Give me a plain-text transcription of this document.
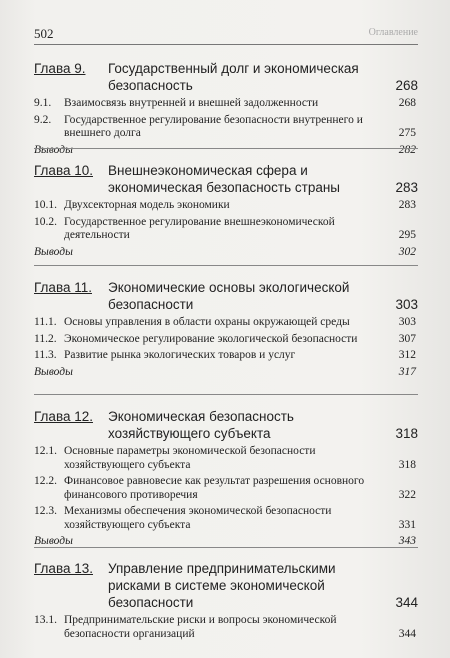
502	Оглавление
Глава 9. Государственный долг и экономическая безопасность	268
9.1. Взаимосвязь внутренней и внешней задолженности	268
9.2. Государственное регулирование безопасности внутреннего и внешнего долга	275
Выводы	282
Глава 10. Внешнеэкономическая сфера и экономическая безопасность страны	283
10.1. Двухсекторная модель экономики	283
10.2. Государственное регулирование внешнеэкономической деятельности	295
Выводы	302
Глава 11. Экономические основы экологической безопасности	303
11.1. Основы управления в области охраны окружающей среды	303
11.2. Экономическое регулирование экологической безопасности	307
11.3. Развитие рынка экологических товаров и услуг	312
Выводы	317
Глава 12. Экономическая безопасность хозяйствующего субъекта	318
12.1. Основные параметры экономической безопасности хозяйствующего субъекта	318
12.2. Финансовое равновесие как результат разрешения основного финансового противоречия	322
12.3. Механизмы обеспечения экономической безопасности хозяйствующего субъекта	331
Выводы	343
Глава 13. Управление предпринимательскими рисками в системе экономической безопасности	344
13.1. Предпринимательские риски и вопросы экономической безопасности организаций	344
